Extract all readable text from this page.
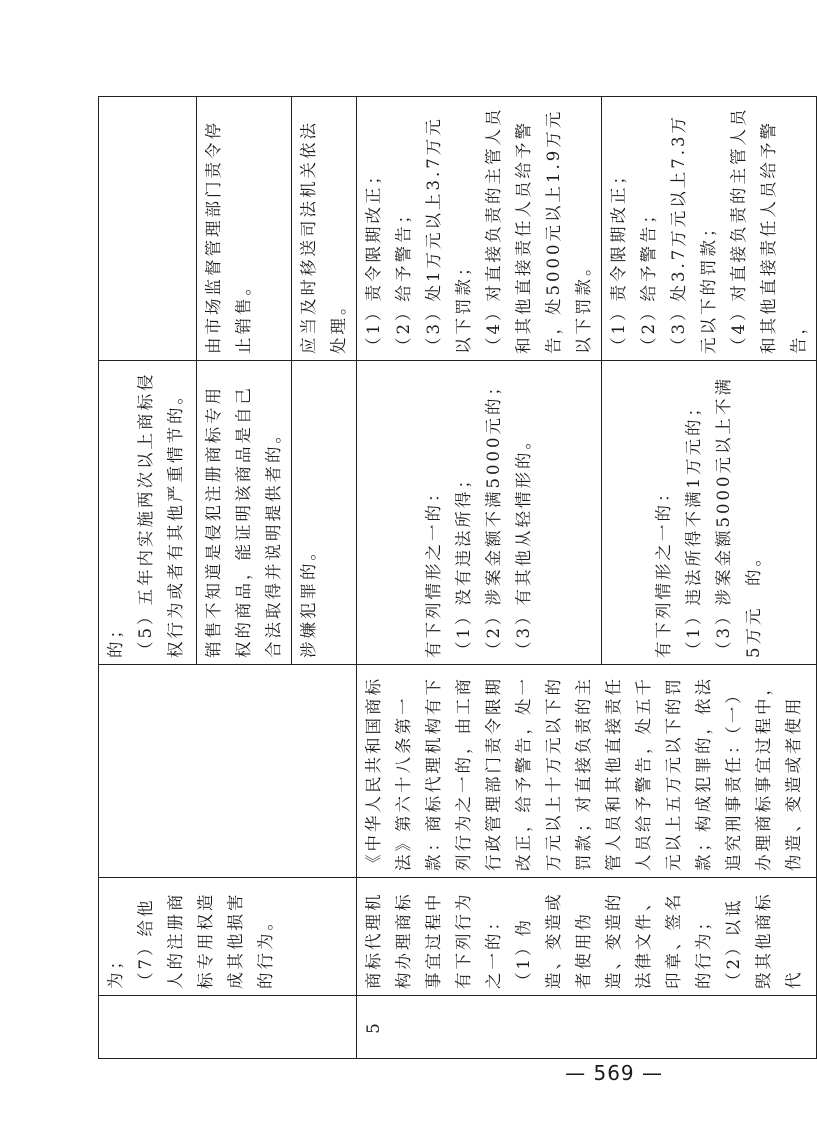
	为； （7）给他人的注册商标专用权造成其他损害的行为。		的； （5）五年内实施两次以上商标侵权行为或者有其他严重情节的。	

			销售不知道是侵犯注册商标专用权的商品，能证明该商品是自己合法取得并说明提供者的。	由市场监督管理部门责令停止销售。
			涉嫌犯罪的。	应当及时移送司法机关依法处理。
5	商标代理机构办理商标事宜过程中有下列行为之一的： （1）伪造、变造或者使用伪造、变造的法律文件、印章、签名的行为； （2）以诋毁其他商标代	《中华人民共和国商标法》第六十八条第一款：商标代理机构有下列行为之一的，由工商行政管理部门责令限期改正，给予警告，处一万元以上十万元以下的罚款；对直接负责的主管人员和其他直接责任人员给予警告，处五千元以上五万元以下的罚款；构成犯罪的，依法追究刑事责任：（一）办理商标事宜过程中，伪造、变造或者使用	有下列情形之一的： （1）没有违法所得； （2）涉案金额不满5000元的； （3）有其他从轻情形的。	（1）责令限期改正； （2）给予警告； （3）处1万元以上3.7万元以下罚款； （4）对直接负责的主管人员和其他直接责任人员给予警告，处5000元以上1.9万元以下罚款。

			有下列情形之一的： （1）违法所得不满1万元的； （3）涉案金额5000元以上不满5万元　的。	（1）责令限期改正； （2）给予警告； （3）处3.7万元以上7.3万元以下的罚款； （4）对直接负责的主管人员和其他直接责任人员给予警告，
— 569 —
